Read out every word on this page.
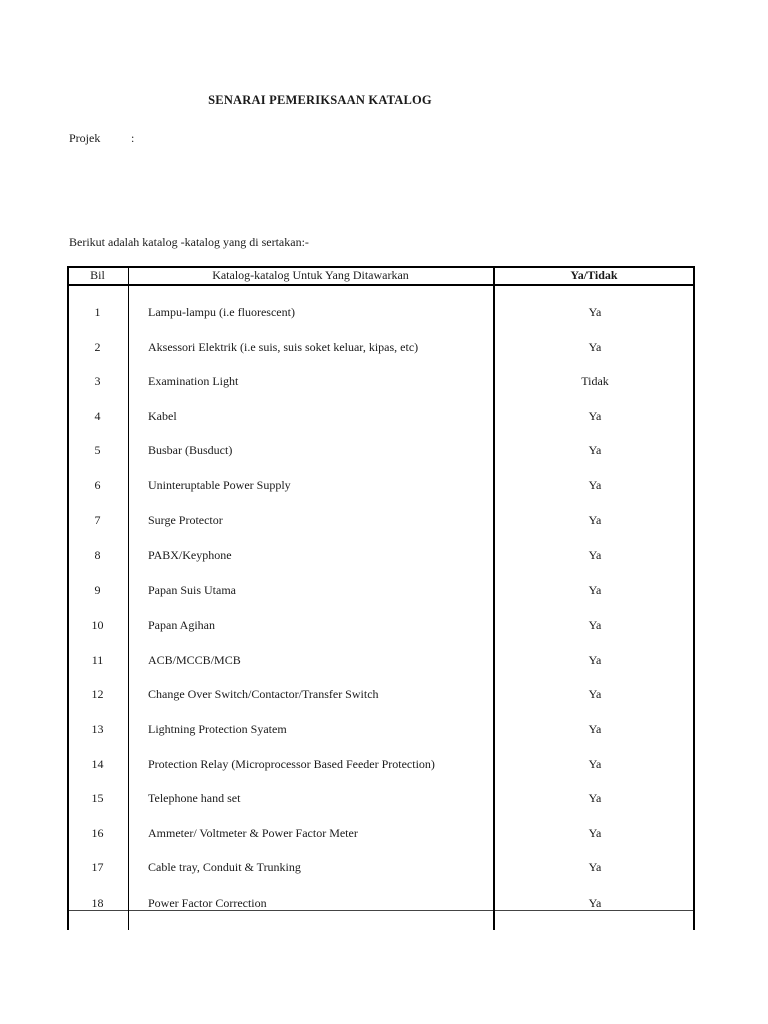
SENARAI PEMERIKSAAN KATALOG
Projek	:
Berikut adalah katalog -katalog yang di sertakan:-
Bil	Katalog-katalog Untuk Yang Ditawarkan	Ya/Tidak
1	Lampu-lampu (i.e fluorescent)	Ya
2	Aksessori Elektrik (i.e suis, suis soket keluar, kipas, etc)	Ya
3	Examination Light	Tidak
4	Kabel	Ya
5	Busbar (Busduct)	Ya
6	Uninteruptable Power Supply	Ya
7	Surge Protector	Ya
8	PABX/Keyphone	Ya
9	Papan Suis Utama	Ya
10	Papan Agihan	Ya
11	ACB/MCCB/MCB	Ya
12	Change Over Switch/Contactor/Transfer Switch	Ya
13	Lightning Protection Syatem	Ya
14	Protection Relay (Microprocessor Based Feeder Protection)	Ya
15	Telephone hand set	Ya
16	Ammeter/ Voltmeter & Power Factor Meter	Ya
17	Cable tray, Conduit & Trunking	Ya
18	Power Factor Correction	Ya
